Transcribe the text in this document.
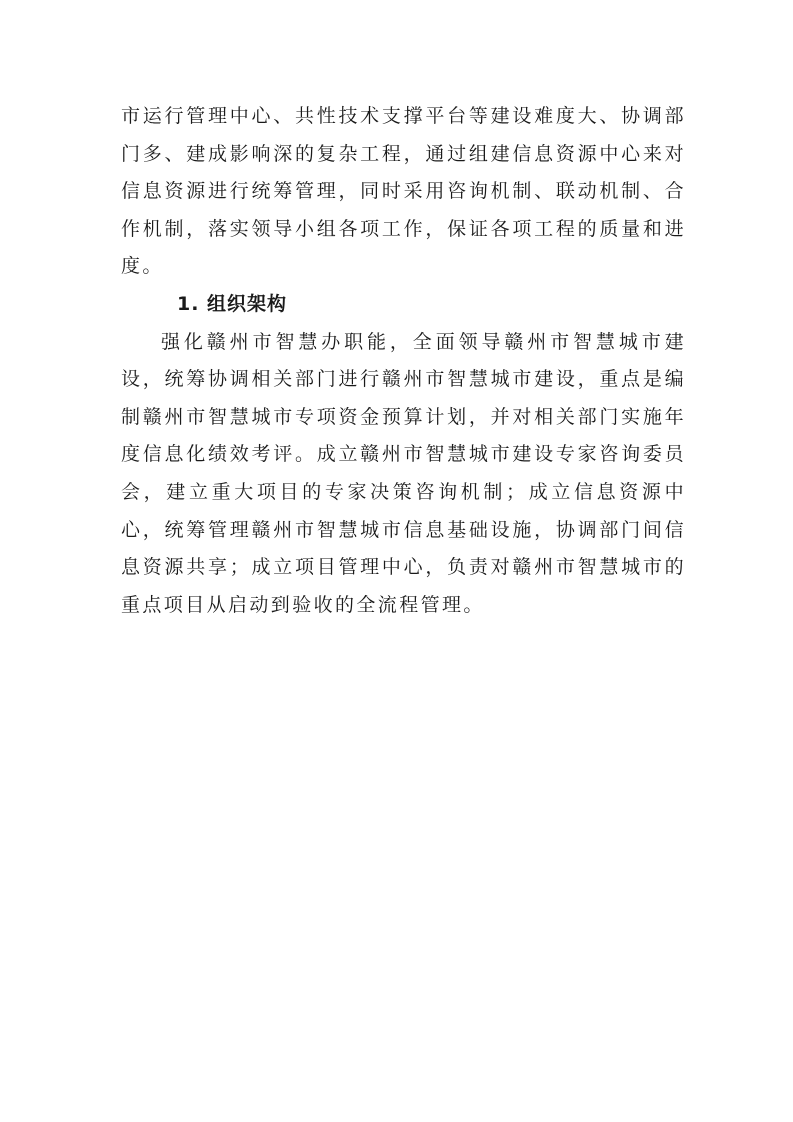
市运行管理中心、共性技术支撑平台等建设难度大、协调部门多、建成影响深的复杂工程，通过组建信息资源中心来对信息资源进行统筹管理，同时采用咨询机制、联动机制、合作机制，落实领导小组各项工作，保证各项工程的质量和进度。

1. 组织架构

强化赣州市智慧办职能，全面领导赣州市智慧城市建设，统筹协调相关部门进行赣州市智慧城市建设，重点是编制赣州市智慧城市专项资金预算计划，并对相关部门实施年度信息化绩效考评。成立赣州市智慧城市建设专家咨询委员会，建立重大项目的专家决策咨询机制；成立信息资源中心，统筹管理赣州市智慧城市信息基础设施，协调部门间信息资源共享；成立项目管理中心，负责对赣州市智慧城市的重点项目从启动到验收的全流程管理。
